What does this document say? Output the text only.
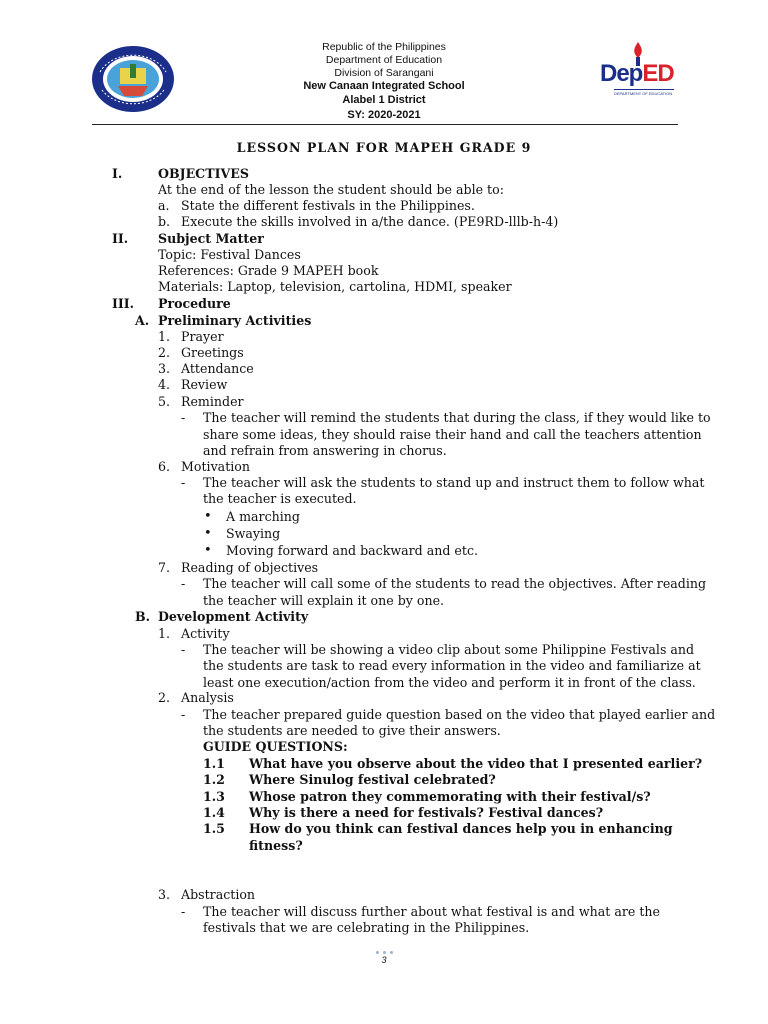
Republic of the Philippines
Department of Education
Division of Sarangani
New Canaan Integrated School
Alabel 1 District
SY: 2020-2021
DepED
DEPARTMENT OF EDUCATION
LESSON PLAN FOR MAPEH GRADE 9
I.	OBJECTIVES
At the end of the lesson the student should be able to:
a. State the different festivals in the Philippines.
b. Execute the skills involved in a/the dance. (PE9RD-lllb-h-4)
II. Subject Matter
Topic: Festival Dances
References: Grade 9 MAPEH book
Materials: Laptop, television, cartolina, HDMI, speaker
III. Procedure
A. Preliminary Activities
1. Prayer
2. Greetings
3. Attendance
4. Review
5. Reminder
- The teacher will remind the students that during the class, if they would like to
share some ideas, they should raise their hand and call the teachers attention
and refrain from answering in chorus.
6. Motivation
- The teacher will ask the students to stand up and instruct them to follow what
the teacher is executed.
• A marching
• Swaying
• Moving forward and backward and etc.
7. Reading of objectives
- The teacher will call some of the students to read the objectives. After reading
the teacher will explain it one by one.
B. Development Activity
1. Activity
- The teacher will be showing a video clip about some Philippine Festivals and
the students are task to read every information in the video and familiarize at
least one execution/action from the video and perform it in front of the class.
2. Analysis
- The teacher prepared guide question based on the video that played earlier and
the students are needed to give their answers.
GUIDE QUESTIONS:
1.1 What have you observe about the video that I presented earlier?
1.2 Where Sinulog festival celebrated?
1.3 Whose patron they commemorating with their festival/s?
1.4 Why is there a need for festivals? Festival dances?
1.5 How do you think can festival dances help you in enhancing
fitness?
3. Abstraction
- The teacher will discuss further about what festival is and what are the
festivals that we are celebrating in the Philippines.
3
